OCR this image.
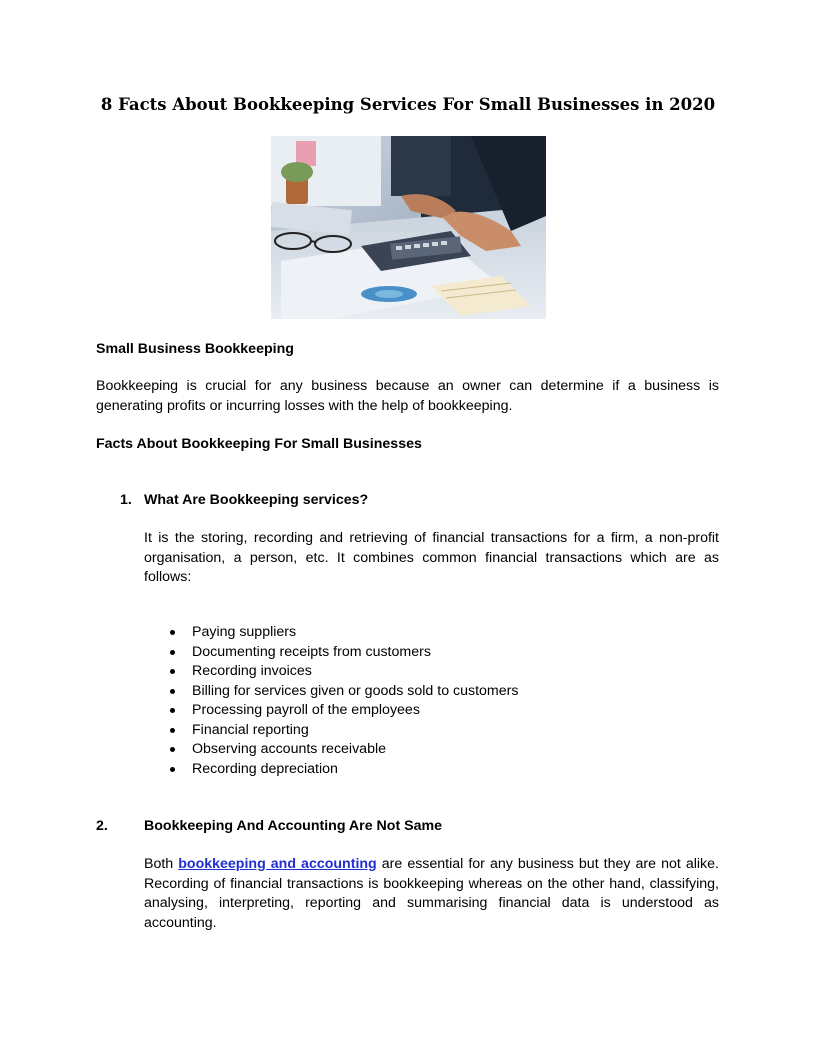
8 Facts About Bookkeeping Services For Small Businesses in 2020
Small Business Bookkeeping
Bookkeeping is crucial for any business because an owner can determine if a business is generating profits or incurring losses with the help of bookkeeping.
Facts About Bookkeeping For Small Businesses
1. What Are Bookkeeping services?
It is the storing, recording and retrieving of financial transactions for a firm, a non-profit organisation, a person, etc. It combines common financial transactions which are as follows:
Paying suppliers
Documenting receipts from customers
Recording invoices
Billing for services given or goods sold to customers
Processing payroll of the employees
Financial reporting
Observing accounts receivable
Recording depreciation
2.	Bookkeeping And Accounting Are Not Same
Both bookkeeping and accounting are essential for any business but they are not alike. Recording of financial transactions is bookkeeping whereas on the other hand, classifying, analysing, interpreting, reporting and summarising financial data is understood as accounting.
